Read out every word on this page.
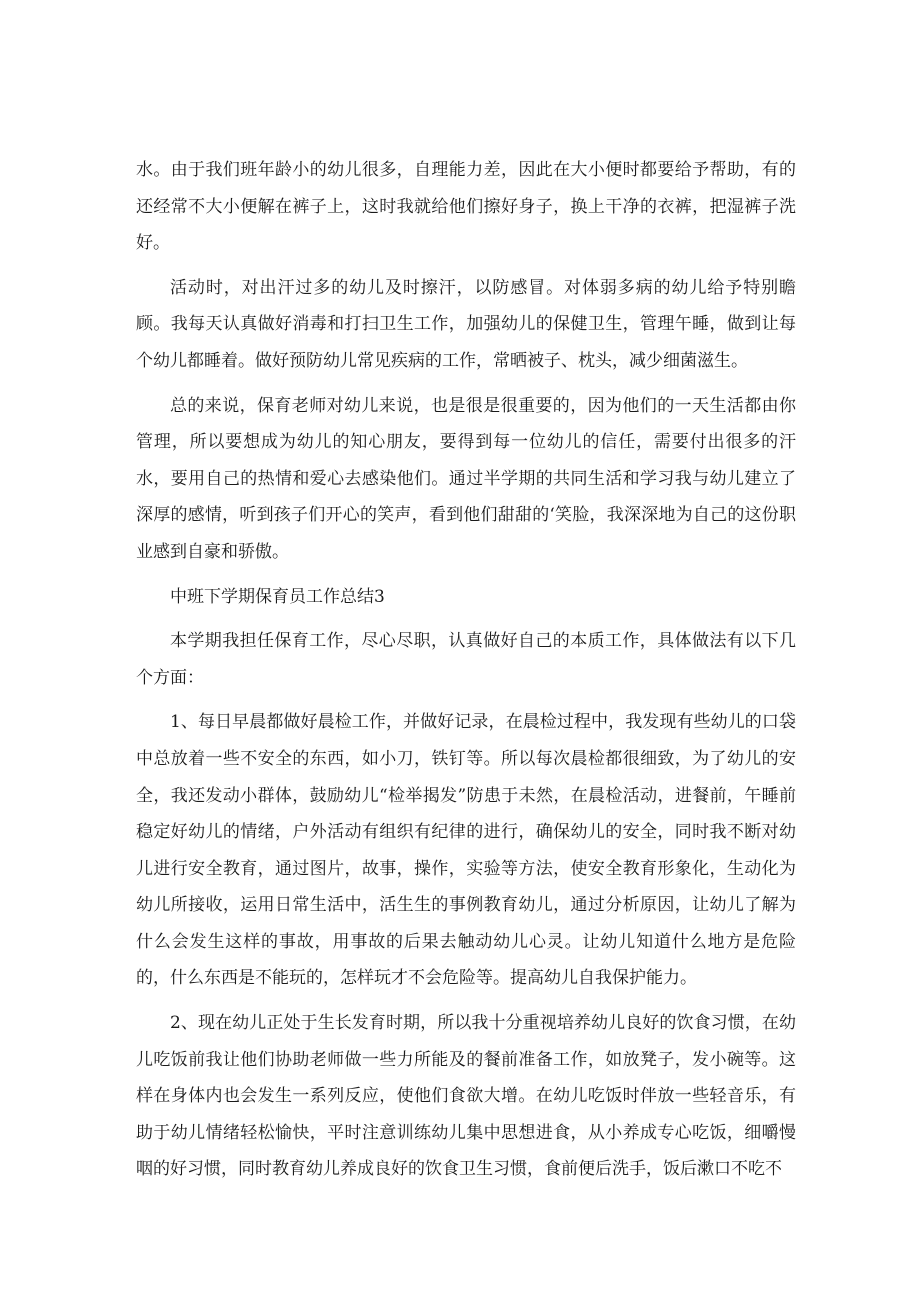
水。由于我们班年龄小的幼儿很多，自理能力差，因此在大小便时都要给予帮助，有的还经常不大小便解在裤子上，这时我就给他们擦好身子，换上干净的衣裤，把湿裤子洗好。

活动时，对出汗过多的幼儿及时擦汗，以防感冒。对体弱多病的幼儿给予特别瞻顾。我每天认真做好消毒和打扫卫生工作，加强幼儿的保健卫生，管理午睡，做到让每个幼儿都睡着。做好预防幼儿常见疾病的工作，常晒被子、枕头，减少细菌滋生。

总的来说，保育老师对幼儿来说，也是很是很重要的，因为他们的一天生活都由你管理，所以要想成为幼儿的知心朋友，要得到每一位幼儿的信任，需要付出很多的汗水，要用自己的热情和爱心去感染他们。通过半学期的共同生活和学习我与幼儿建立了深厚的感情，听到孩子们开心的笑声，看到他们甜甜的‘笑脸，我深深地为自己的这份职业感到自豪和骄傲。

中班下学期保育员工作总结3

本学期我担任保育工作，尽心尽职，认真做好自己的本质工作，具体做法有以下几个方面：

1、每日早晨都做好晨检工作，并做好记录，在晨检过程中，我发现有些幼儿的口袋中总放着一些不安全的东西，如小刀，铁钉等。所以每次晨检都很细致，为了幼儿的安全，我还发动小群体，鼓励幼儿“检举揭发”防患于未然，在晨检活动，进餐前，午睡前稳定好幼儿的情绪，户外活动有组织有纪律的进行，确保幼儿的安全，同时我不断对幼儿进行安全教育，通过图片，故事，操作，实验等方法，使安全教育形象化，生动化为幼儿所接收，运用日常生活中，活生生的事例教育幼儿，通过分析原因，让幼儿了解为什么会发生这样的事故，用事故的后果去触动幼儿心灵。让幼儿知道什么地方是危险的，什么东西是不能玩的，怎样玩才不会危险等。提高幼儿自我保护能力。

2、现在幼儿正处于生长发育时期，所以我十分重视培养幼儿良好的饮食习惯，在幼儿吃饭前我让他们协助老师做一些力所能及的餐前准备工作，如放凳子，发小碗等。这样在身体内也会发生一系列反应，使他们食欲大增。在幼儿吃饭时伴放一些轻音乐，有助于幼儿情绪轻松愉快，平时注意训练幼儿集中思想进食，从小养成专心吃饭，细嚼慢咽的好习惯，同时教育幼儿养成良好的饮食卫生习惯，食前便后洗手，饭后漱口不吃不
